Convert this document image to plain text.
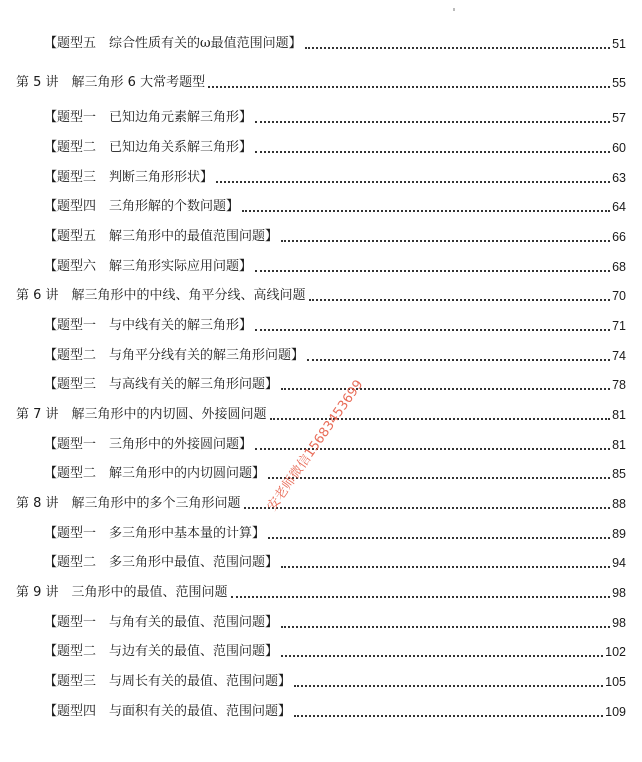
【题型五　综合性质有关的ω最值范围问题】	51
第 5 讲　解三角形 6 大常考题型	55
【题型一　已知边角元素解三角形】	57
【题型二　已知边角关系解三角形】	60
【题型三　判断三角形形状】	63
【题型四　三角形解的个数问题】	64
【题型五　解三角形中的最值范围问题】	66
【题型六　解三角形实际应用问题】	68
第 6 讲　解三角形中的中线、角平分线、高线问题	70
【题型一　与中线有关的解三角形】	71
【题型二　与角平分线有关的解三角形问题】	74
【题型三　与高线有关的解三角形问题】	78
第 7 讲　解三角形中的内切圆、外接圆问题	81
【题型一　三角形中的外接圆问题】	81
【题型二　解三角形中的内切圆问题】	85
第 8 讲　解三角形中的多个三角形问题	88
【题型一　多三角形中基本量的计算】	89
【题型二　多三角形中最值、范围问题】	94
第 9 讲　三角形中的最值、范围问题	98
【题型一　与角有关的最值、范围问题】	98
【题型二　与边有关的最值、范围问题】	102
【题型三　与周长有关的最值、范围问题】	105
【题型四　与面积有关的最值、范围问题】	109
安老师微信15683453699
